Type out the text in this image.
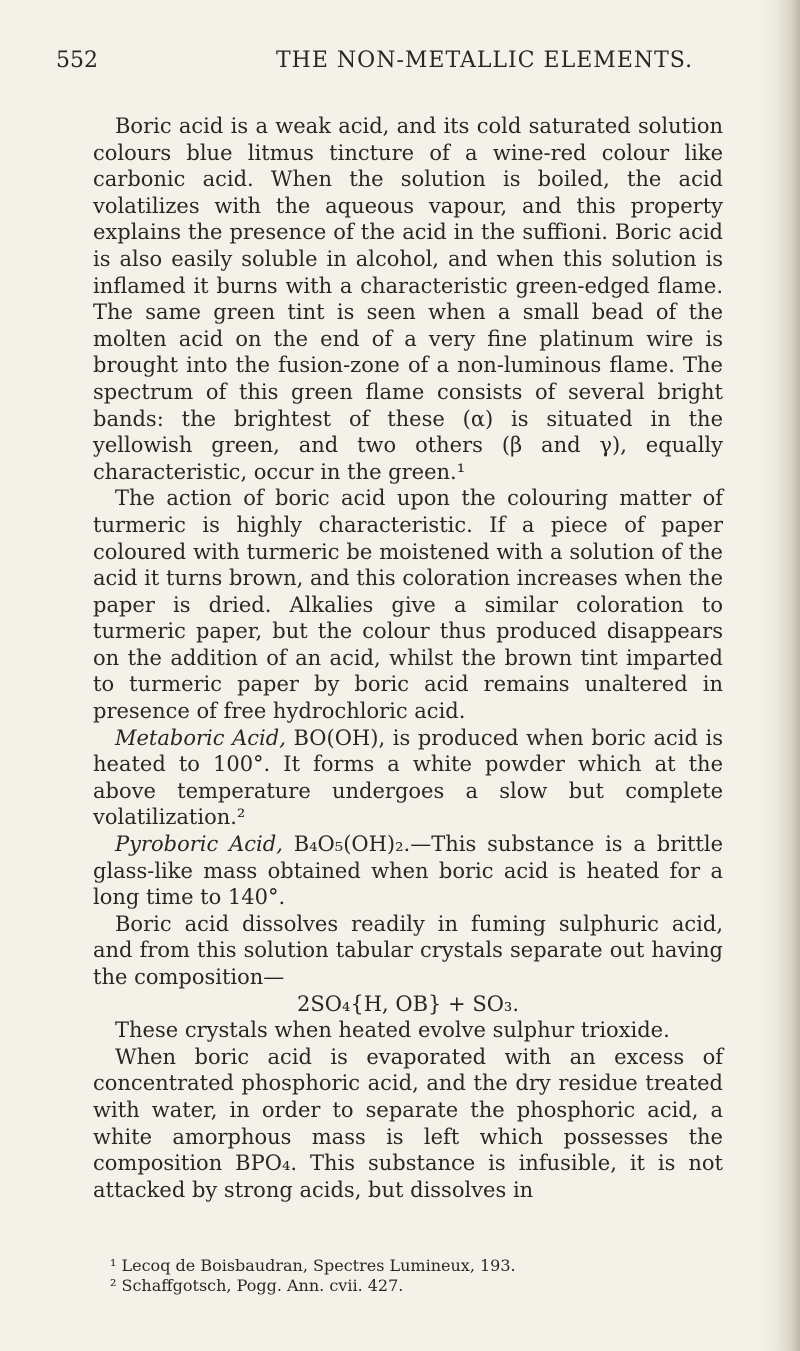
552	THE NON-METALLIC ELEMENTS.

Boric acid is a weak acid, and its cold saturated solution colours blue litmus tincture of a wine-red colour like carbonic acid. When the solution is boiled, the acid volatilizes with the aqueous vapour, and this property explains the presence of the acid in the suffioni. Boric acid is also easily soluble in alcohol, and when this solution is inflamed it burns with a characteristic green-edged flame. The same green tint is seen when a small bead of the molten acid on the end of a very fine platinum wire is brought into the fusion-zone of a non-luminous flame. The spectrum of this green flame consists of several bright bands: the brightest of these (α) is situated in the yellowish green, and two others (β and γ), equally characteristic, occur in the green.¹

The action of boric acid upon the colouring matter of turmeric is highly characteristic. If a piece of paper coloured with turmeric be moistened with a solution of the acid it turns brown, and this coloration increases when the paper is dried. Alkalies give a similar coloration to turmeric paper, but the colour thus produced disappears on the addition of an acid, whilst the brown tint imparted to turmeric paper by boric acid remains unaltered in presence of free hydrochloric acid.

Metaboric Acid, BO(OH), is produced when boric acid is heated to 100°. It forms a white powder which at the above temperature undergoes a slow but complete volatilization.²

Pyroboric Acid, B₄O₅(OH)₂.—This substance is a brittle glass-like mass obtained when boric acid is heated for a long time to 140°.

Boric acid dissolves readily in fuming sulphuric acid, and from this solution tabular crystals separate out having the composition—

2SO₄{H, OB} + SO₃.

These crystals when heated evolve sulphur trioxide.

When boric acid is evaporated with an excess of concentrated phosphoric acid, and the dry residue treated with water, in order to separate the phosphoric acid, a white amorphous mass is left which possesses the composition BPO₄. This substance is infusible, it is not attacked by strong acids, but dissolves in

¹ Lecoq de Boisbaudran, Spectres Lumineux, 193.

² Schaffgotsch, Pogg. Ann. cvii. 427.
